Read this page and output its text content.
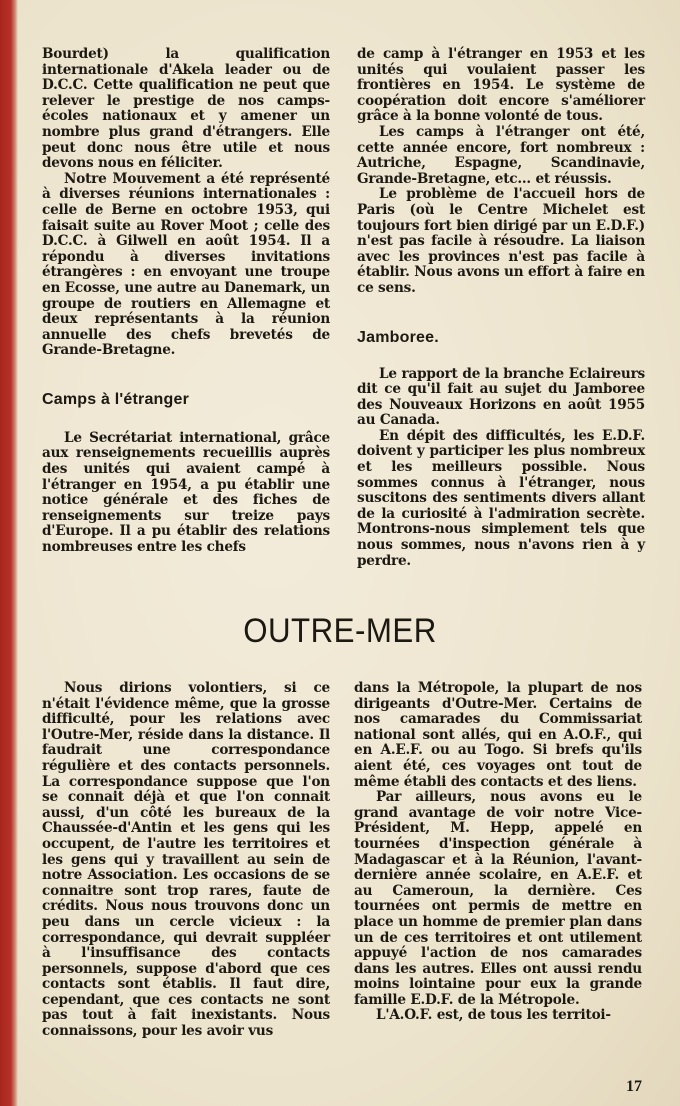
Bourdet) la qualification internationale d'Akela leader ou de D.C.C. Cette qualification ne peut que relever le prestige de nos camps-écoles nationaux et y amener un nombre plus grand d'étrangers. Elle peut donc nous être utile et nous devons nous en féliciter.

Notre Mouvement a été représenté à diverses réunions internationales : celle de Berne en octobre 1953, qui faisait suite au Rover Moot ; celle des D.C.C. à Gilwell en août 1954. Il a répondu à diverses invitations étrangères : en envoyant une troupe en Ecosse, une autre au Danemark, un groupe de routiers en Allemagne et deux représentants à la réunion annuelle des chefs brevetés de Grande-Bretagne.

Camps à l'étranger

Le Secrétariat international, grâce aux renseignements recueillis auprès des unités qui avaient campé à l'étranger en 1954, a pu établir une notice générale et des fiches de renseignements sur treize pays d'Europe. Il a pu établir des relations nombreuses entre les chefs

de camp à l'étranger en 1953 et les unités qui voulaient passer les frontières en 1954. Le système de coopération doit encore s'améliorer grâce à la bonne volonté de tous.

Les camps à l'étranger ont été, cette année encore, fort nombreux : Autriche, Espagne, Scandinavie, Grande-Bretagne, etc... et réussis.

Le problème de l'accueil hors de Paris (où le Centre Michelet est toujours fort bien dirigé par un E.D.F.) n'est pas facile à résoudre. La liaison avec les provinces n'est pas facile à établir. Nous avons un effort à faire en ce sens.

Jamboree.

Le rapport de la branche Eclaireurs dit ce qu'il fait au sujet du Jamboree des Nouveaux Horizons en août 1955 au Canada.

En dépit des difficultés, les E.D.F. doivent y participer les plus nombreux et les meilleurs possible. Nous sommes connus à l'étranger, nous suscitons des sentiments divers allant de la curiosité à l'admiration secrète. Montrons-nous simplement tels que nous sommes, nous n'avons rien à y perdre.

OUTRE-MER

Nous dirions volontiers, si ce n'était l'évidence même, que la grosse difficulté, pour les relations avec l'Outre-Mer, réside dans la distance. Il faudrait une correspondance régulière et des contacts personnels. La correspondance suppose que l'on se connait déjà et que l'on connait aussi, d'un côté les bureaux de la Chaussée-d'Antin et les gens qui les occupent, de l'autre les territoires et les gens qui y travaillent au sein de notre Association. Les occasions de se connaitre sont trop rares, faute de crédits. Nous nous trouvons donc un peu dans un cercle vicieux : la correspondance, qui devrait suppléer à l'insuffisance des contacts personnels, suppose d'abord que ces contacts sont établis. Il faut dire, cependant, que ces contacts ne sont pas tout à fait inexistants. Nous connaissons, pour les avoir vus

dans la Métropole, la plupart de nos dirigeants d'Outre-Mer. Certains de nos camarades du Commissariat national sont allés, qui en A.O.F., qui en A.E.F. ou au Togo. Si brefs qu'ils aient été, ces voyages ont tout de même établi des contacts et des liens.

Par ailleurs, nous avons eu le grand avantage de voir notre Vice-Président, M. Hepp, appelé en tournées d'inspection générale à Madagascar et à la Réunion, l'avant-dernière année scolaire, en A.E.F. et au Cameroun, la dernière. Ces tournées ont permis de mettre en place un homme de premier plan dans un de ces territoires et ont utilement appuyé l'action de nos camarades dans les autres. Elles ont aussi rendu moins lointaine pour eux la grande famille E.D.F. de la Métropole.

L'A.O.F. est, de tous les territoi-

17
